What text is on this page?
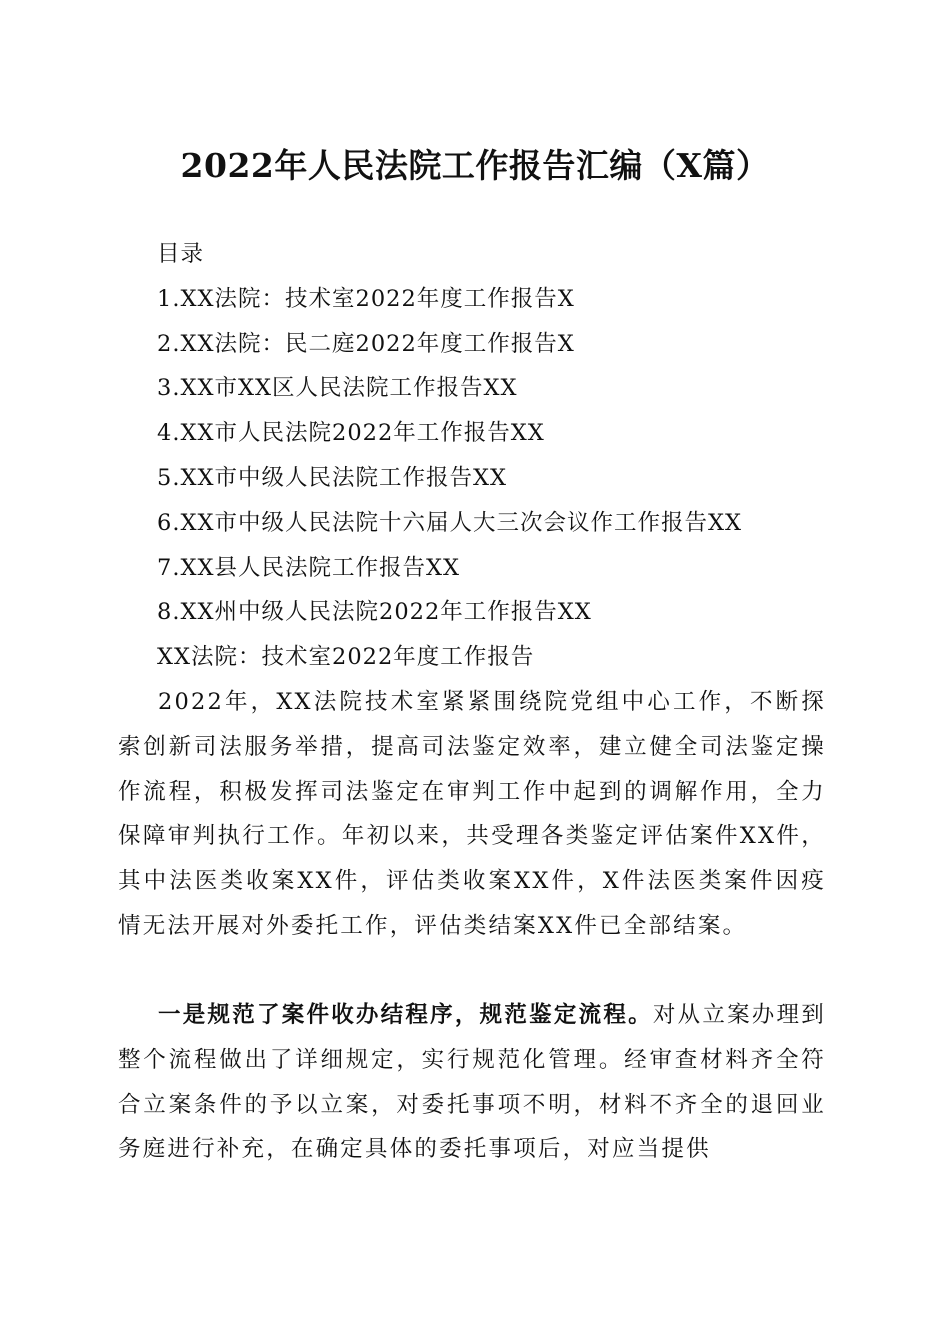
2022年人民法院工作报告汇编（X篇）
目录
1.XX法院：技术室2022年度工作报告X
2.XX法院：民二庭2022年度工作报告X
3.XX市XX区人民法院工作报告XX
4.XX市人民法院2022年工作报告XX
5.XX市中级人民法院工作报告XX
6.XX市中级人民法院十六届人大三次会议作工作报告XX
7.XX县人民法院工作报告XX
8.XX州中级人民法院2022年工作报告XX
XX法院：技术室2022年度工作报告
2022年，XX法院技术室紧紧围绕院党组中心工作，不断探索创新司法服务举措，提高司法鉴定效率，建立健全司法鉴定操作流程，积极发挥司法鉴定在审判工作中起到的调解作用，全力保障审判执行工作。年初以来，共受理各类鉴定评估案件XX件，其中法医类收案XX件，评估类收案XX件，X件法医类案件因疫情无法开展对外委托工作，评估类结案XX件已全部结案。
一是规范了案件收办结程序，规范鉴定流程。对从立案办理到整个流程做出了详细规定，实行规范化管理。经审查材料齐全符合立案条件的予以立案，对委托事项不明，材料不齐全的退回业务庭进行补充，在确定具体的委托事项后，对应当提供
